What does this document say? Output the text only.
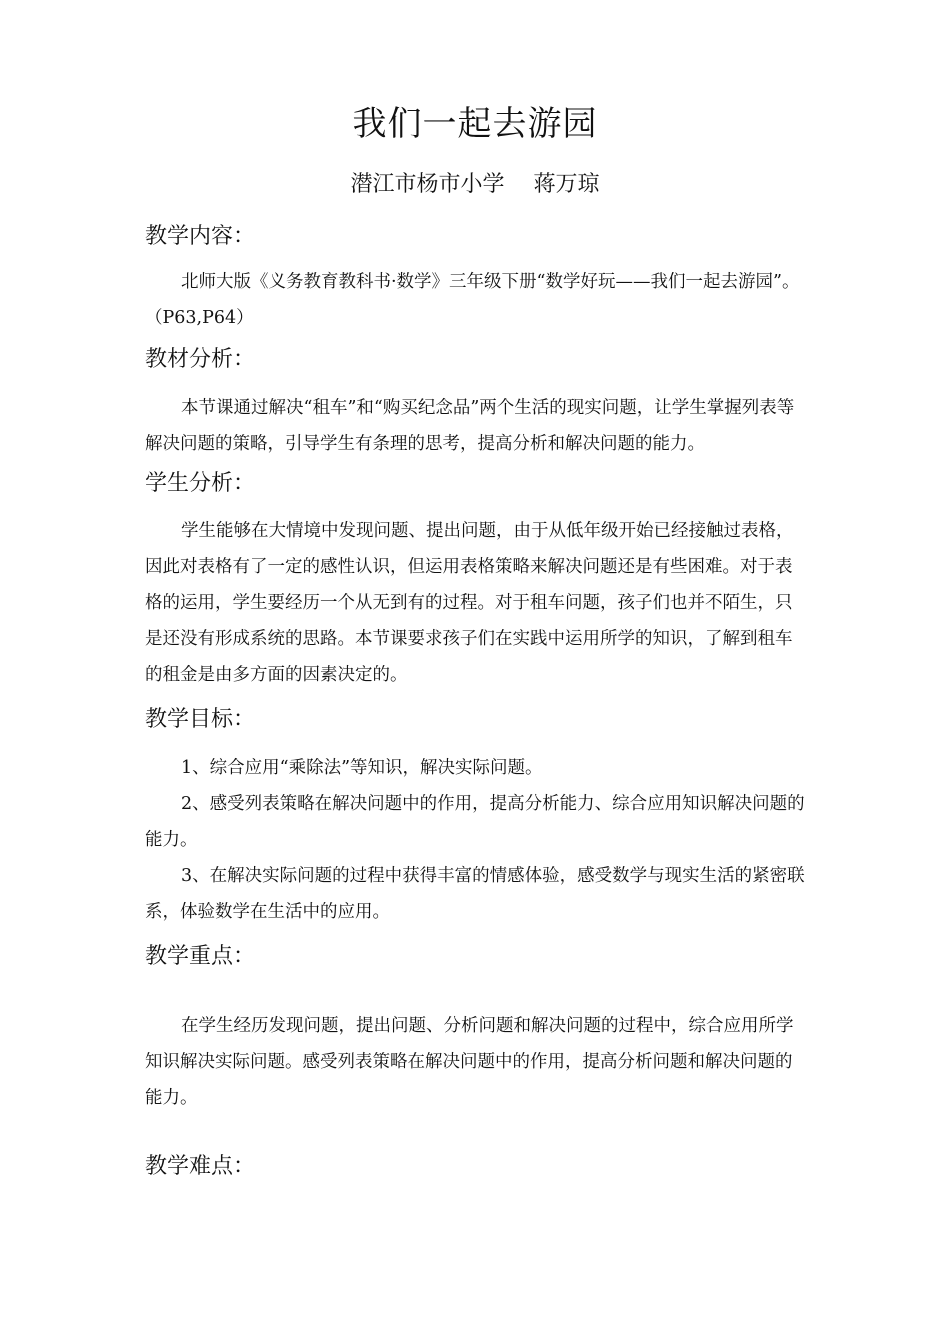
我们一起去游园
潜江市杨市小学　 蒋万琼
教学内容：

北师大版《义务教育教科书·数学》三年级下册“数学好玩——我们一起去游园”。（P63,P64）

教材分析：

本节课通过解决“租车”和“购买纪念品”两个生活的现实问题，让学生掌握列表等解决问题的策略，引导学生有条理的思考，提高分析和解决问题的能力。

学生分析：

学生能够在大情境中发现问题、提出问题，由于从低年级开始已经接触过表格，因此对表格有了一定的感性认识，但运用表格策略来解决问题还是有些困难。对于表格的运用，学生要经历一个从无到有的过程。对于租车问题，孩子们也并不陌生，只是还没有形成系统的思路。本节课要求孩子们在实践中运用所学的知识，了解到租车的租金是由多方面的因素决定的。

教学目标：

1、综合应用“乘除法”等知识，解决实际问题。

2、感受列表策略在解决问题中的作用，提高分析能力、综合应用知识解决问题的能力。

3、在解决实际问题的过程中获得丰富的情感体验，感受数学与现实生活的紧密联系，体验数学在生活中的应用。

教学重点：

在学生经历发现问题，提出问题、分析问题和解决问题的过程中，综合应用所学知识解决实际问题。感受列表策略在解决问题中的作用，提高分析问题和解决问题的能力。

教学难点：
